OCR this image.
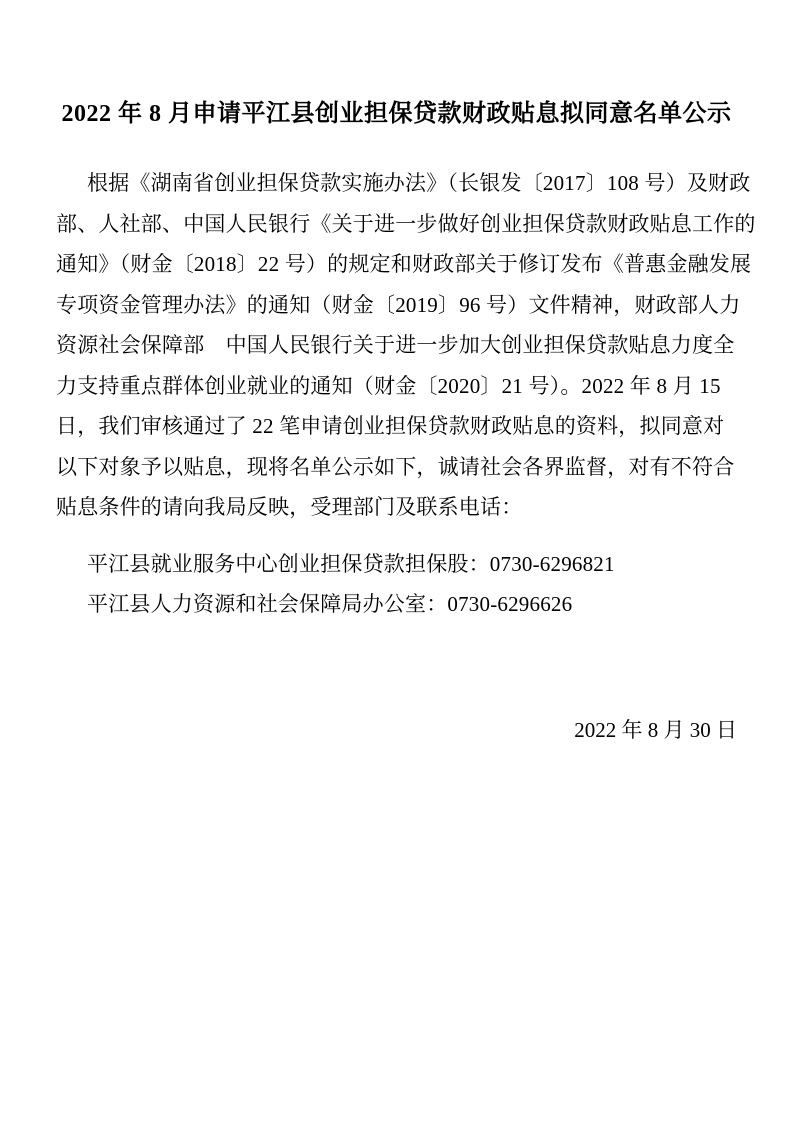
2022 年 8 月申请平江县创业担保贷款财政贴息拟同意名单公示
根据《湖南省创业担保贷款实施办法》（长银发〔2017〕108 号）及财政
部、人社部、中国人民银行《关于进一步做好创业担保贷款财政贴息工作的
通知》（财金〔2018〕22 号）的规定和财政部关于修订发布《普惠金融发展
专项资金管理办法》的通知（财金〔2019〕96 号）文件精神，财政部人力
资源社会保障部　中国人民银行关于进一步加大创业担保贷款贴息力度全
力支持重点群体创业就业的通知（财金〔2020〕21 号）。2022 年 8 月 15
日，我们审核通过了 22 笔申请创业担保贷款财政贴息的资料，拟同意对
以下对象予以贴息，现将名单公示如下，诚请社会各界监督，对有不符合
贴息条件的请向我局反映，受理部门及联系电话：
平江县就业服务中心创业担保贷款担保股：0730-6296821
平江县人力资源和社会保障局办公室：0730-6296626
2022 年 8 月 30 日
